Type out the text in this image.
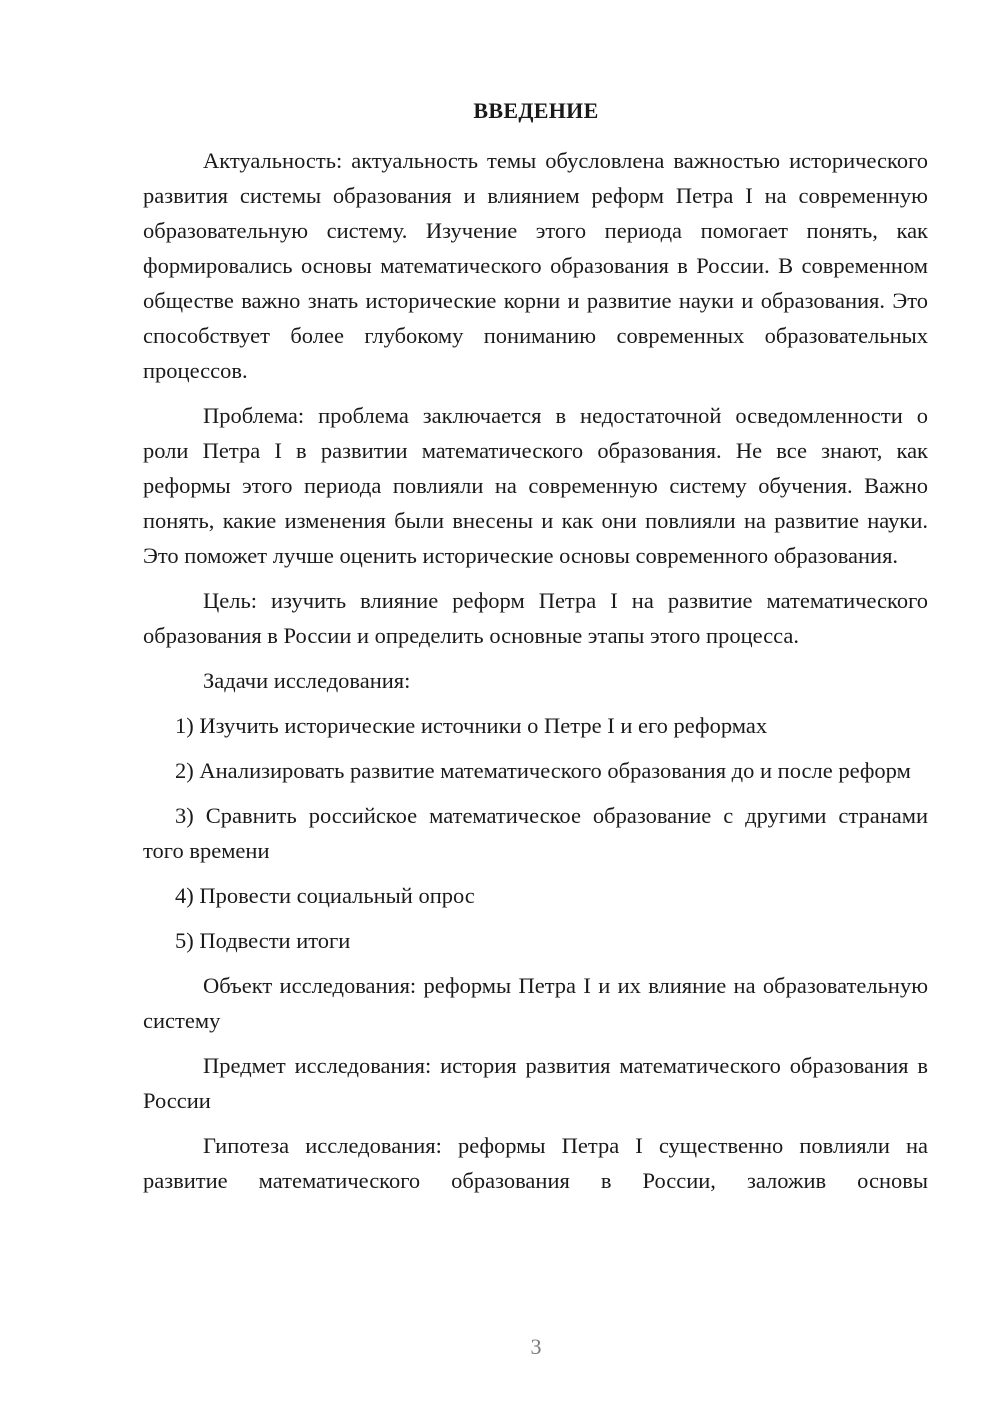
ВВЕДЕНИЕ

Актуальность: актуальность темы обусловлена важностью исторического развития системы образования и влиянием реформ Петра I на современную образовательную систему. Изучение этого периода помогает понять, как формировались основы математического образования в России. В современном обществе важно знать исторические корни и развитие науки и образования. Это способствует более глубокому пониманию современных образовательных процессов.

Проблема: проблема заключается в недостаточной осведомленности о роли Петра I в развитии математического образования. Не все знают, как реформы этого периода повлияли на современную систему обучения. Важно понять, какие изменения были внесены и как они повлияли на развитие науки. Это поможет лучше оценить исторические основы современного образования.

Цель: изучить влияние реформ Петра I на развитие математического образования в России и определить основные этапы этого процесса.

Задачи исследования:

1) Изучить исторические источники о Петре I и его реформах

2) Анализировать развитие математического образования до и после реформ

3) Сравнить российское математическое образование с другими странами того времени

4) Провести социальный опрос

5) Подвести итоги

Объект исследования: реформы Петра I и их влияние на образовательную систему

Предмет исследования: история развития математического образования в России

Гипотеза исследования: реформы Петра I существенно повлияли на развитие математического образования в России, заложив основы

3
